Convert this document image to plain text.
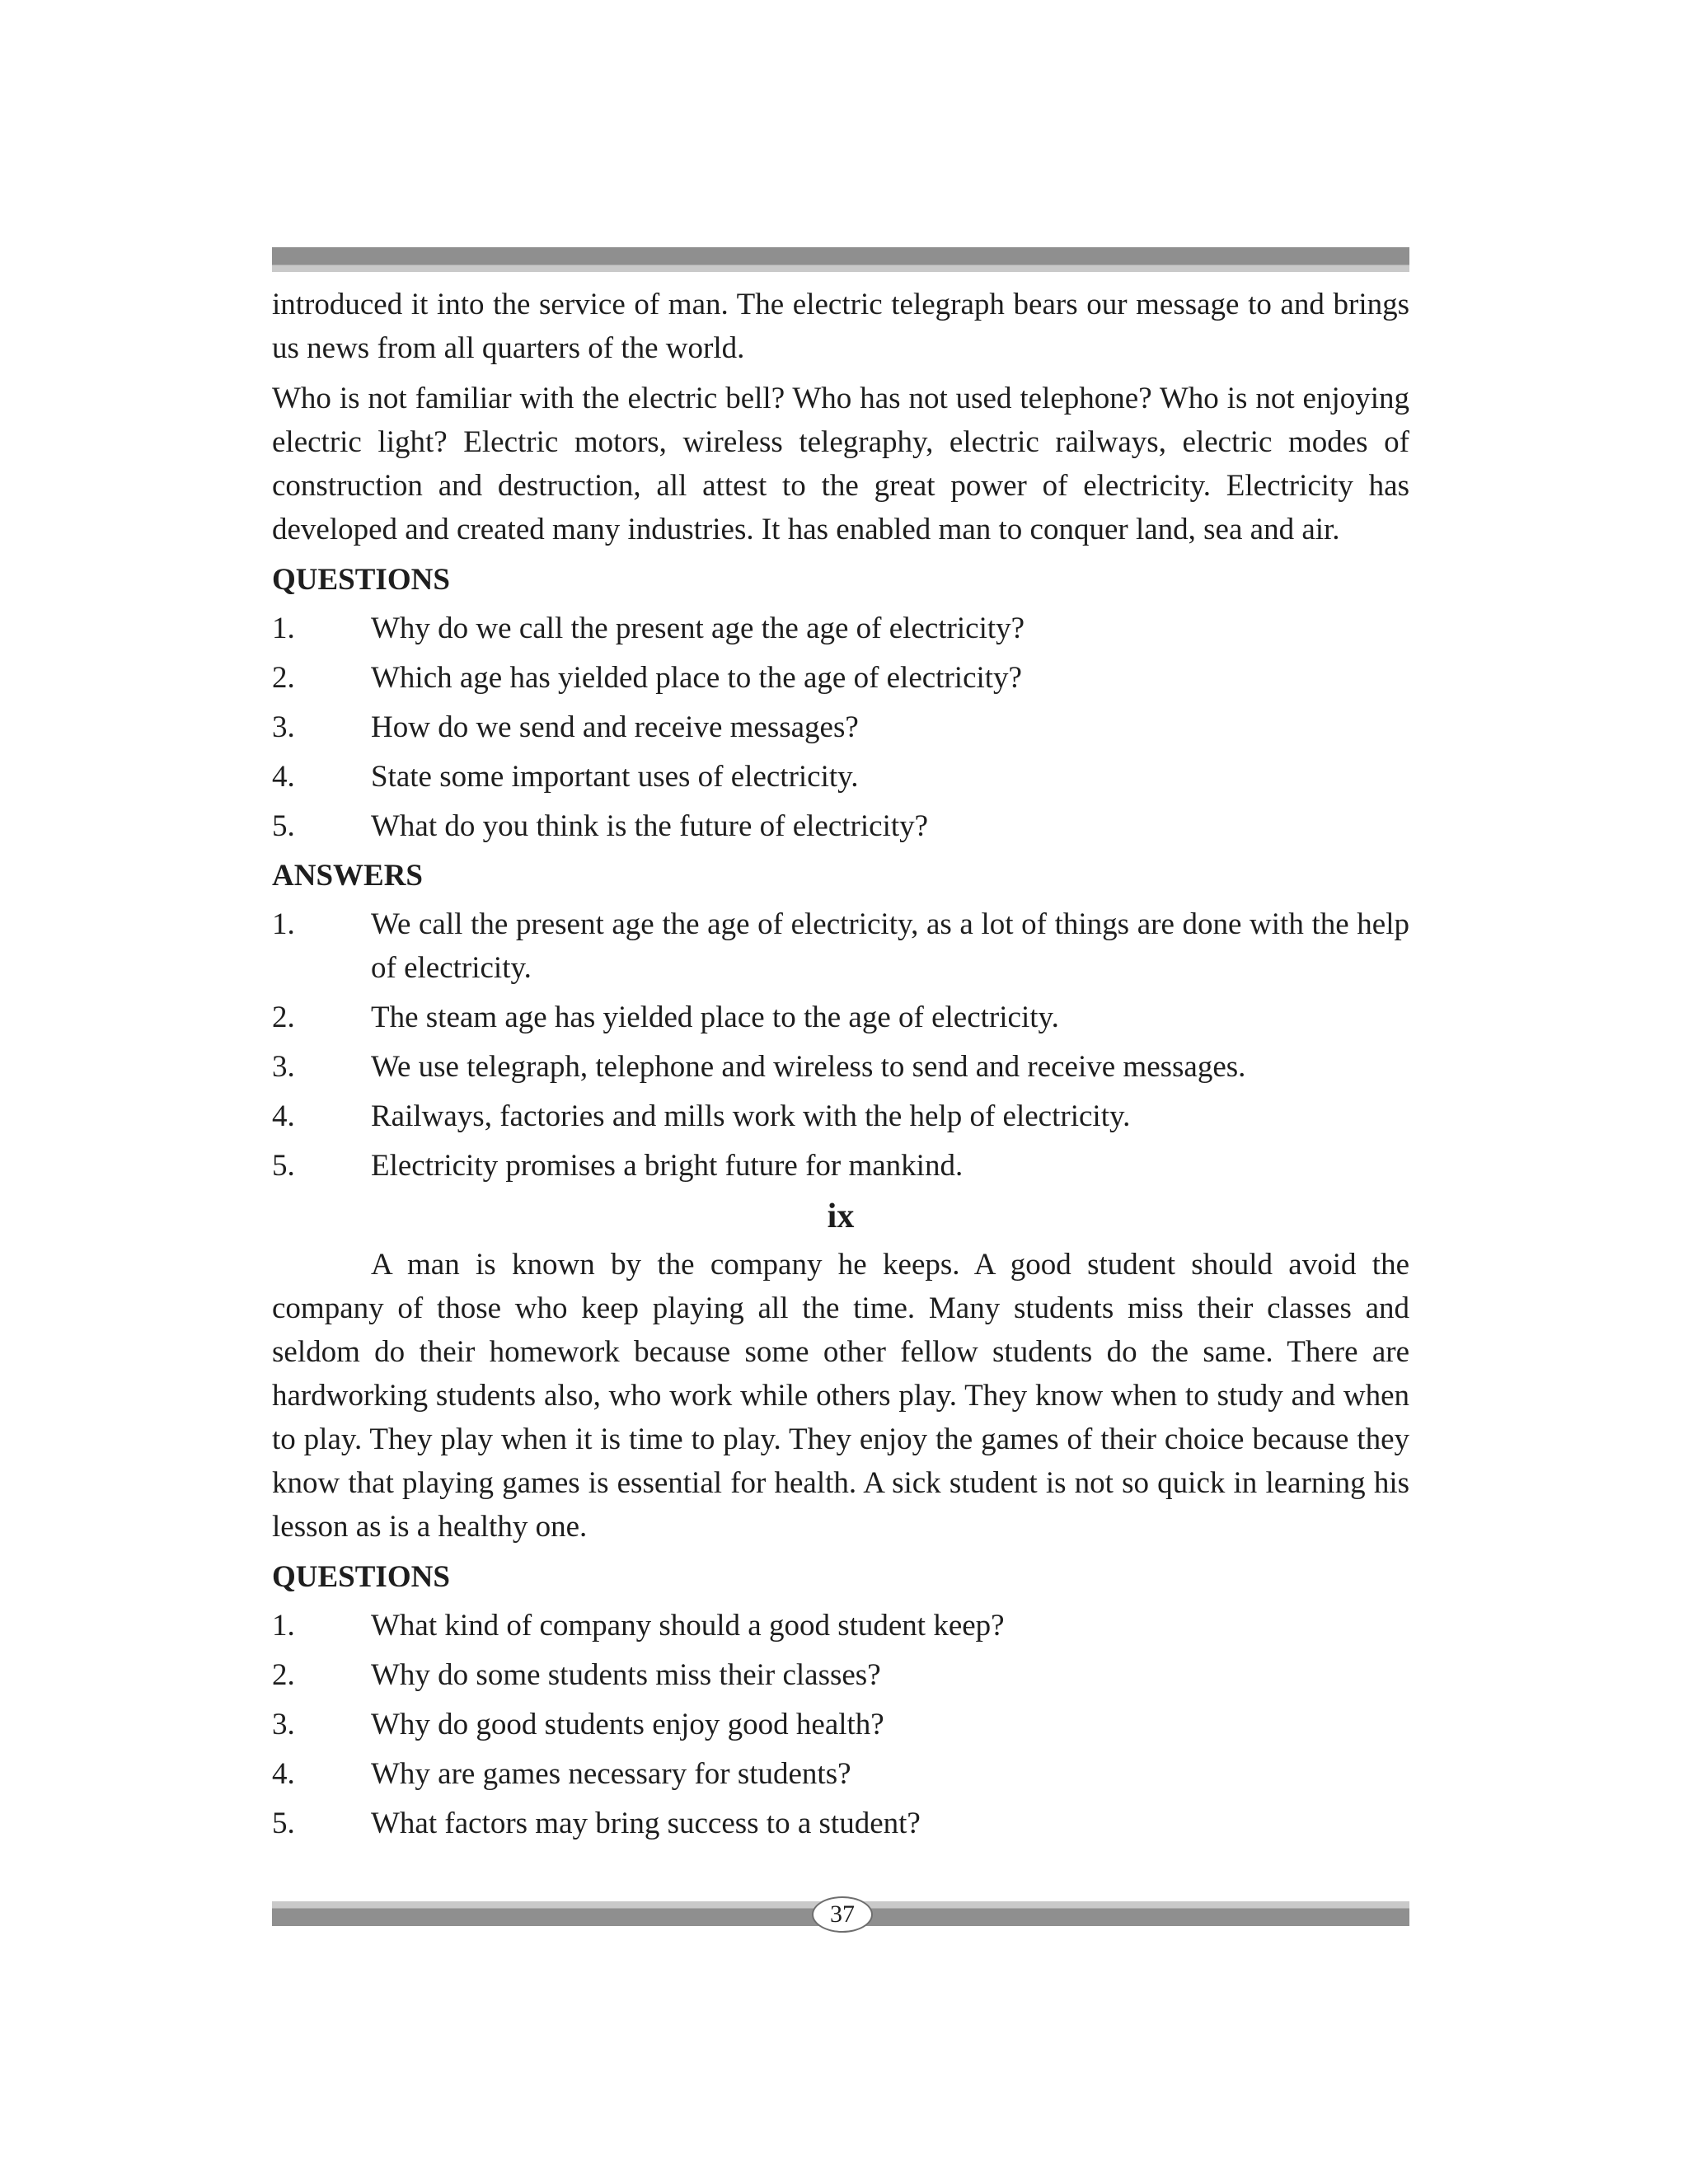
introduced it into the service of man. The electric telegraph bears our message to and brings us news from all quarters of the world.

Who is not familiar with the electric bell? Who has not used telephone? Who is not enjoying electric light? Electric motors, wireless telegraphy, electric railways, electric modes of construction and destruction, all attest to the great power of electricity. Electricity has developed and created many industries. It has enabled man to conquer land, sea and air.

QUESTIONS
1.	Why do we call the present age the age of electricity?
2.	Which age has yielded place to the age of electricity?
3.	How do we send and receive messages?
4.	State some important uses of electricity.
5.	What do you think is the future of electricity?
ANSWERS
1.	We call the present age the age of electricity, as a lot of things are done with the help of electricity.
2.	The steam age has yielded place to the age of electricity.
3.	We use telegraph, telephone and wireless to send and receive messages.
4.	Railways, factories and mills work with the help of electricity.
5.	Electricity promises a bright future for mankind.
ix

A man is known by the company he keeps. A good student should avoid the company of those who keep playing all the time. Many students miss their classes and seldom do their homework because some other fellow students do the same. There are hardworking students also, who work while others play. They know when to study and when to play. They play when it is time to play. They enjoy the games of their choice because they know that playing games is essential for health. A sick student is not so quick in learning his lesson as is a healthy one.

QUESTIONS
1.	What kind of company should a good student keep?
2.	Why do some students miss their classes?
3.	Why do good students enjoy good health?
4.	Why are games necessary for students?
5.	What factors may bring success to a student?
37
